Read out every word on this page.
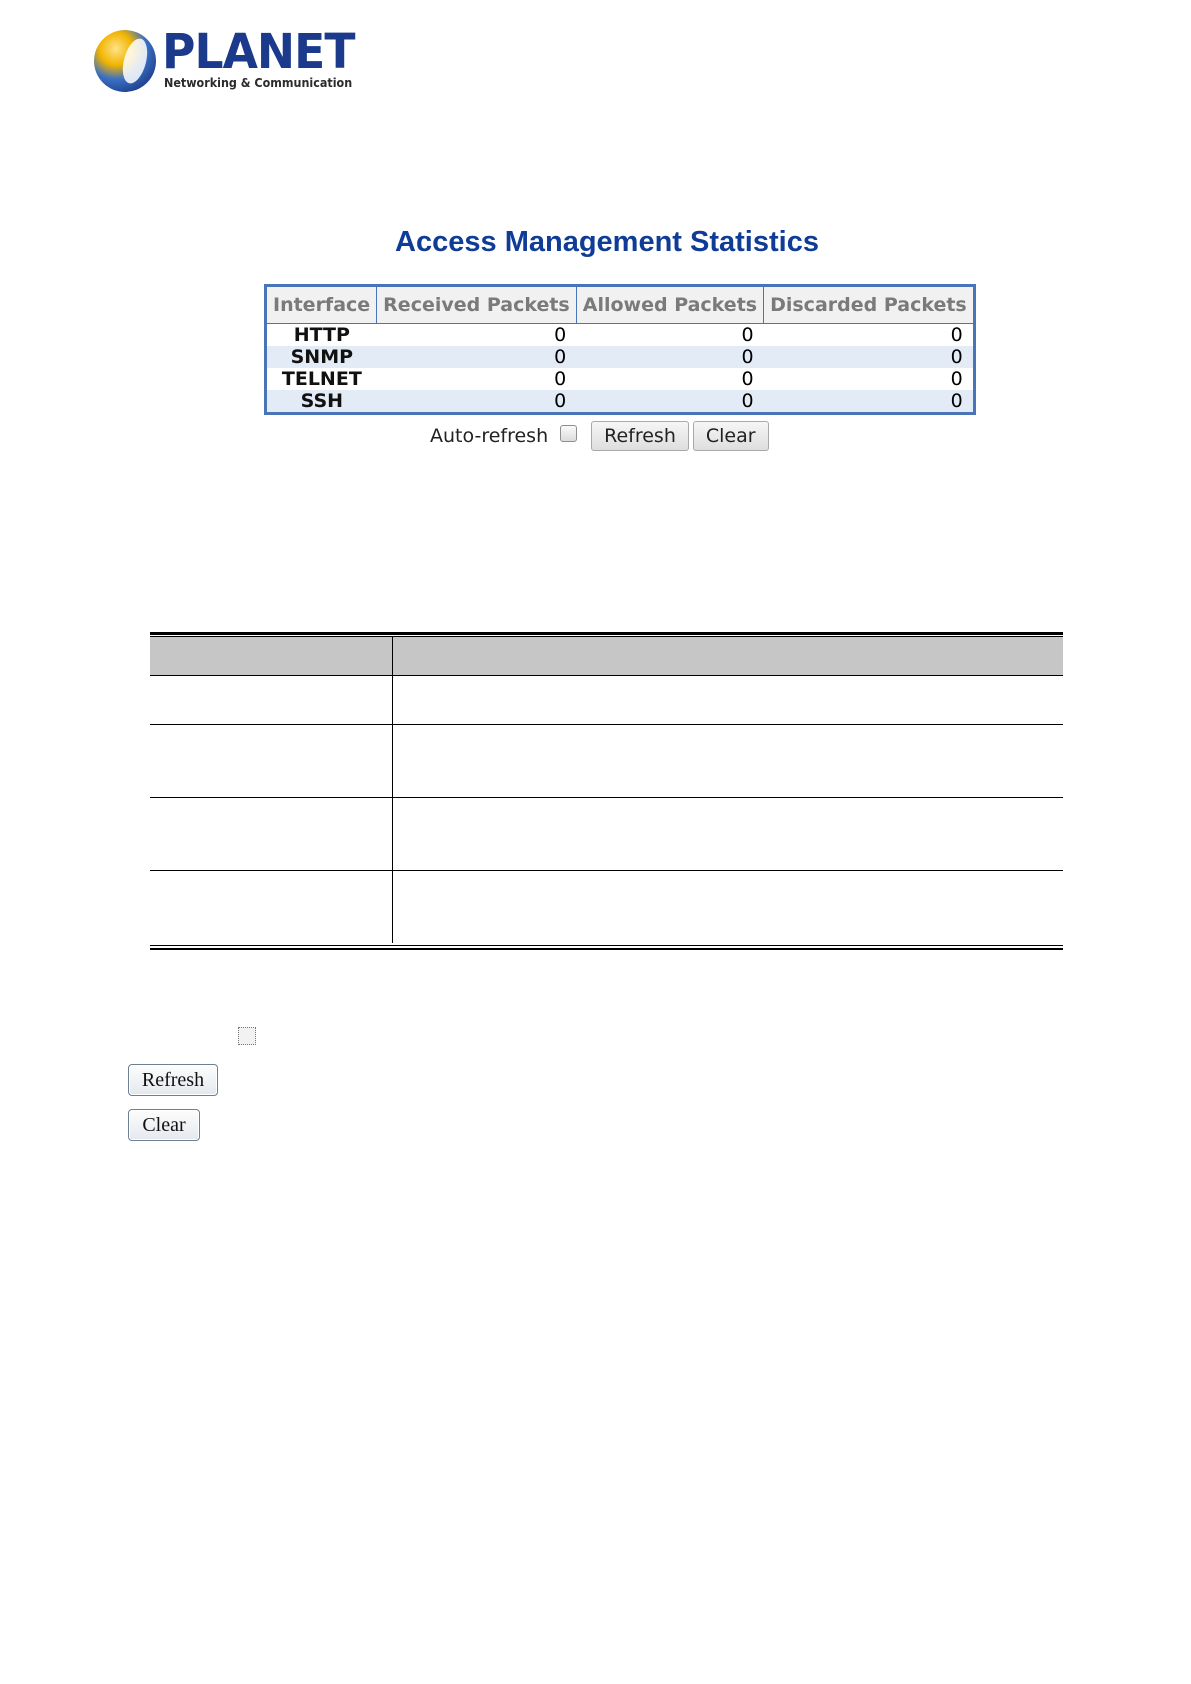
PLANET
Networking & Communication
Access Management Statistics
Interface	Received Packets	Allowed Packets	Discarded Packets
HTTP	0	0	0
SNMP	0	0	0
TELNET	0	0	0
SSH	0	0	0
Auto-refresh	Refresh	Clear

Refresh
Clear
